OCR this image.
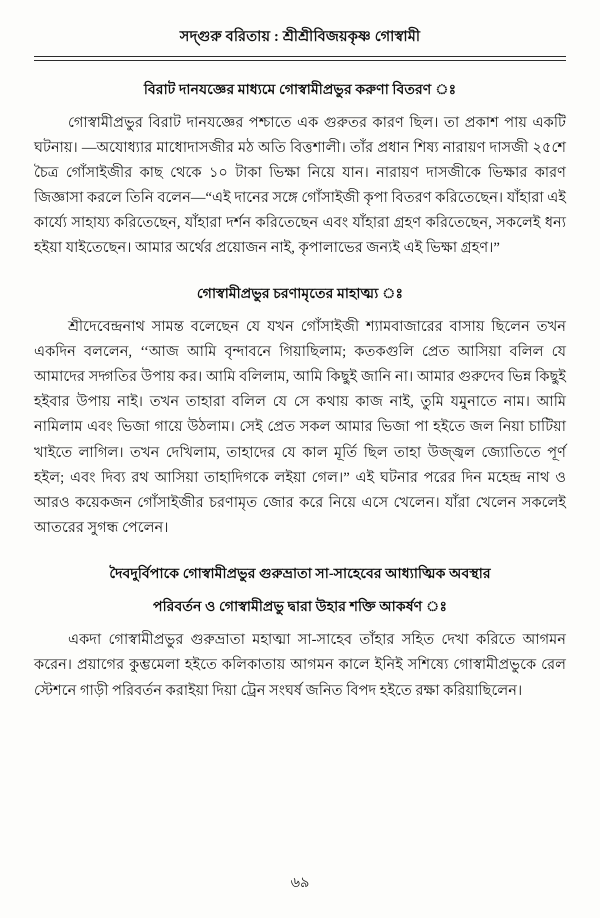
সদ্গুরু বরিতায় : শ্রীশ্রীবিজয়কৃষ্ণ গোস্বামী
বিরাট দানযজ্ঞের মাধ্যমে গোস্বামীপ্রভুর করুণা বিতরণ ঃ

গোস্বামীপ্রভুর বিরাট দানযজ্ঞের পশ্চাতে এক গুরুতর কারণ ছিল। তা প্রকাশ পায় একটি ঘটনায়। —অযোধ্যার মাধোদাসজীর মঠ অতি বিত্তশালী। তাঁর প্রধান শিষ্য নারায়ণ দাসজী ২৫শে চৈত্র গোঁসাইজীর কাছ থেকে ১০ টাকা ভিক্ষা নিয়ে যান। নারায়ণ দাসজীকে ভিক্ষার কারণ জিজ্ঞাসা করলে তিনি বলেন—“এই দানের সঙ্গে গোঁসাইজী কৃপা বিতরণ করিতেছেন। যাঁহারা এই কার্য্যে সাহায্য করিতেছেন, যাঁহারা দর্শন করিতেছেন এবং যাঁহারা গ্রহণ করিতেছেন, সকলেই ধন্য হইয়া যাইতেছেন। আমার অর্থের প্রয়োজন নাই, কৃপালাভের জন্যই এই ভিক্ষা গ্রহণ।”

গোস্বামীপ্রভুর চরণামৃতের মাহাত্ম্য ঃ

শ্রীদেবেন্দ্রনাথ সামন্ত বলেছেন যে যখন গোঁসাইজী শ্যামবাজারের বাসায় ছিলেন তখন একদিন বললেন, ‘‘আজ আমি বৃন্দাবনে গিয়াছিলাম; কতকগুলি প্রেত আসিয়া বলিল যে আমাদের সদ্গতির উপায় কর। আমি বলিলাম, আমি কিছুই জানি না। আমার গুরুদেব ভিন্ন কিছুই হইবার উপায় নাই। তখন তাহারা বলিল যে সে কথায় কাজ নাই, তুমি যমুনাতে নাম। আমি নামিলাম এবং ভিজা গায়ে উঠলাম। সেই প্রেত সকল আমার ভিজা পা হইতে জল নিয়া চাটিয়া খাইতে লাগিল। তখন দেখিলাম, তাহাদের যে কাল মূর্তি ছিল তাহা উজ্জ্বল জ্যোতিতে পূর্ণ হইল; এবং দিব্য রথ আসিয়া তাহাদিগকে লইয়া গেল।” এই ঘটনার পরের দিন মহেন্দ্র নাথ ও আরও কয়েকজন গোঁসাইজীর চরণামৃত জোর করে নিয়ে এসে খেলেন। যাঁরা খেলেন সকলেই আতরের সুগন্ধ পেলেন।

দৈবদুর্বিপাকে গোস্বামীপ্রভুর গুরুভ্রাতা সা-সাহেবের আধ্যাত্মিক অবস্থার
পরিবর্তন ও গোস্বামীপ্রভু দ্বারা উহার শক্তি আকর্ষণ ঃ

একদা গোস্বামীপ্রভুর গুরুভ্রাতা মহাত্মা সা-সাহেব তাঁহার সহিত দেখা করিতে আগমন করেন। প্রয়াগের কুম্ভমেলা হইতে কলিকাতায় আগমন কালে ইনিই সশিষ্যে গোস্বামীপ্রভুকে রেল স্টেশনে গাড়ী পরিবর্তন করাইয়া দিয়া ট্রেন সংঘর্ষ জনিত বিপদ হইতে রক্ষা করিয়াছিলেন।

৬৯
